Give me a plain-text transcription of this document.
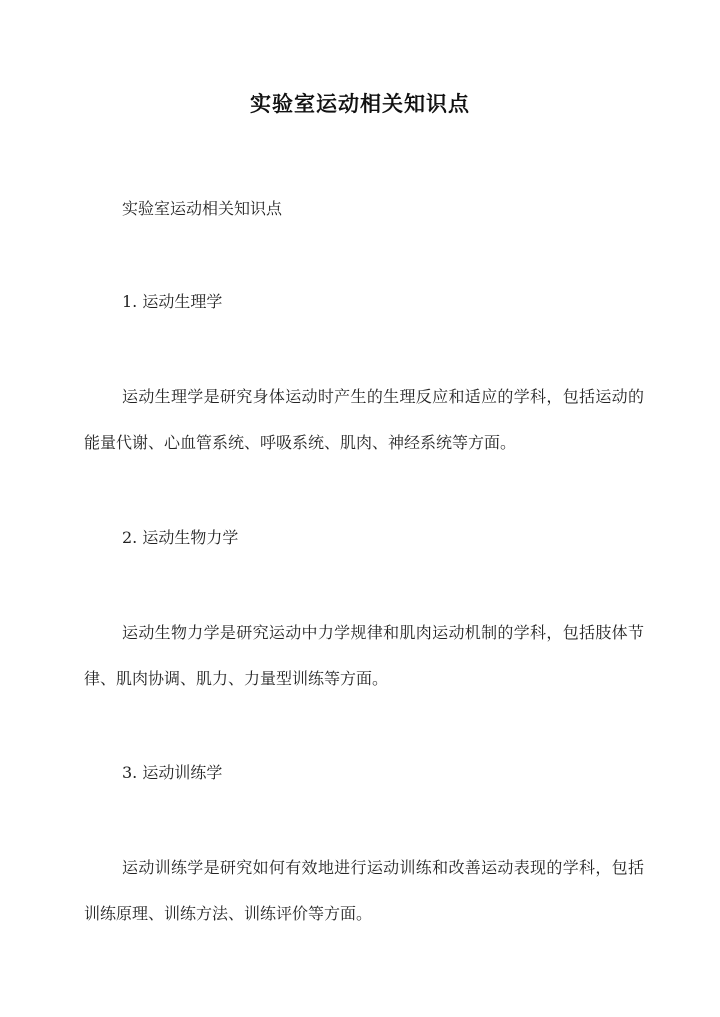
实验室运动相关知识点
实验室运动相关知识点
1. 运动生理学
运动生理学是研究身体运动时产生的生理反应和适应的学科，包括运动的能量代谢、心血管系统、呼吸系统、肌肉、神经系统等方面。
2. 运动生物力学
运动生物力学是研究运动中力学规律和肌肉运动机制的学科，包括肢体节律、肌肉协调、肌力、力量型训练等方面。
3. 运动训练学
运动训练学是研究如何有效地进行运动训练和改善运动表现的学科，包括训练原理、训练方法、训练评价等方面。
